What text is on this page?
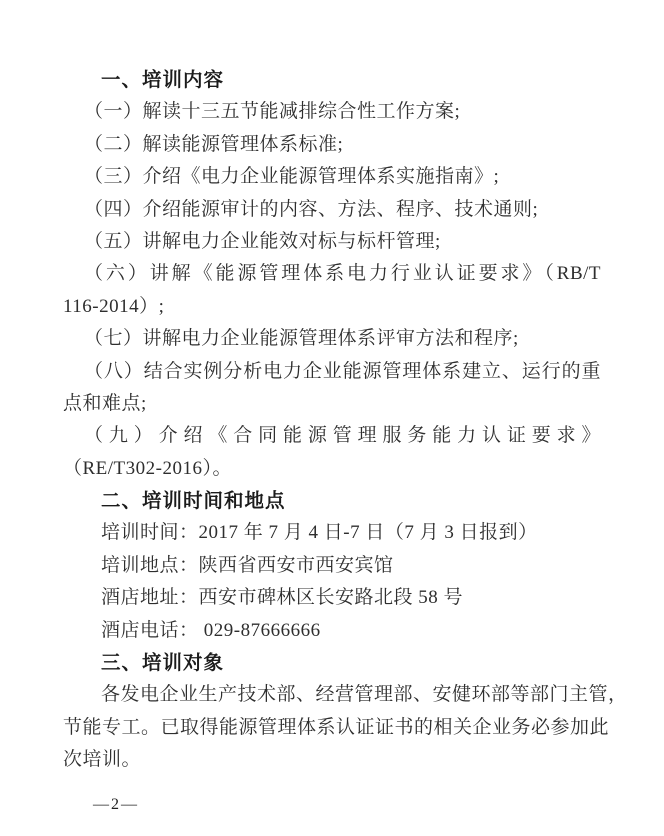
一、培训内容
（一）解读十三五节能减排综合性工作方案;
（二）解读能源管理体系标准;
（三）介绍《电力企业能源管理体系实施指南》;
（四）介绍能源审计的内容、方法、程序、技术通则;
（五）讲解电力企业能效对标与标杆管理;
（六）讲解《能源管理体系电力行业认证要求》（RB/T
116-2014）;
（七）讲解电力企业能源管理体系评审方法和程序;
（八）结合实例分析电力企业能源管理体系建立、运行的重
点和难点;
（九）介绍《合同能源管理服务能力认证要求》
（RE/T302-2016）。
二、培训时间和地点
培训时间：2017 年 7 月 4 日-7 日（7 月 3 日报到）
培训地点：陕西省西安市西安宾馆
酒店地址：西安市碑林区长安路北段 58 号
酒店电话： 029-87666666
三、培训对象
各发电企业生产技术部、经营管理部、安健环部等部门主管，
节能专工。已取得能源管理体系认证证书的相关企业务必参加此
次培训。
—2—
